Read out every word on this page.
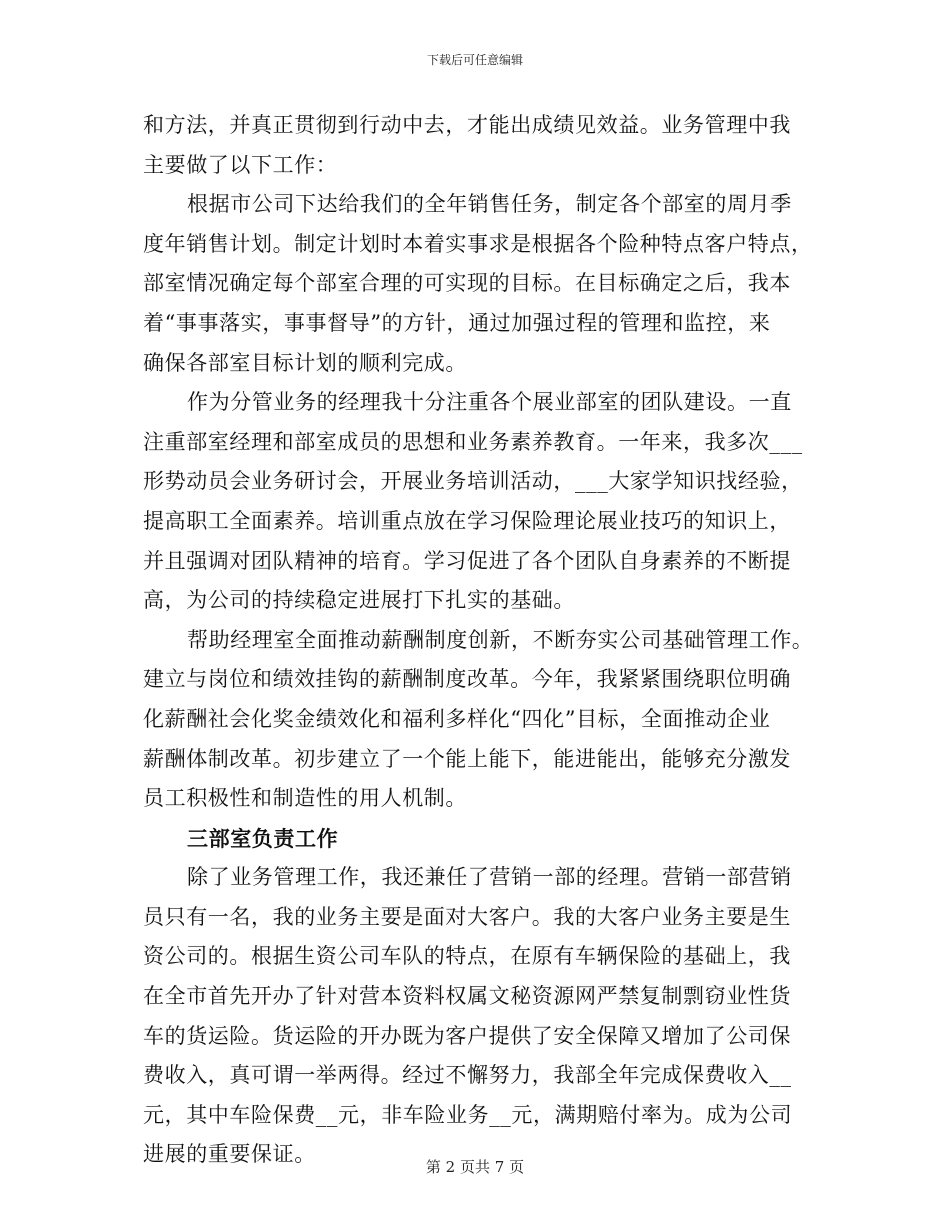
下载后可任意编辑
和方法，并真正贯彻到行动中去，才能出成绩见效益。业务管理中我
主要做了以下工作：
根据市公司下达给我们的全年销售任务，制定各个部室的周月季
度年销售计划。制定计划时本着实事求是根据各个险种特点客户特点，
部室情况确定每个部室合理的可实现的目标。在目标确定之后，我本
着“事事落实，事事督导”的方针，通过加强过程的管理和监控，来
确保各部室目标计划的顺利完成。
作为分管业务的经理我十分注重各个展业部室的团队建设。一直
注重部室经理和部室成员的思想和业务素养教育。一年来，我多次___
形势动员会业务研讨会，开展业务培训活动，___大家学知识找经验，
提高职工全面素养。培训重点放在学习保险理论展业技巧的知识上，
并且强调对团队精神的培育。学习促进了各个团队自身素养的不断提
高，为公司的持续稳定进展打下扎实的基础。
帮助经理室全面推动薪酬制度创新，不断夯实公司基础管理工作。
建立与岗位和绩效挂钩的薪酬制度改革。今年，我紧紧围绕职位明确
化薪酬社会化奖金绩效化和福利多样化“四化”目标，全面推动企业
薪酬体制改革。初步建立了一个能上能下，能进能出，能够充分激发
员工积极性和制造性的用人机制。
三部室负责工作
除了业务管理工作，我还兼任了营销一部的经理。营销一部营销
员只有一名，我的业务主要是面对大客户。我的大客户业务主要是生
资公司的。根据生资公司车队的特点，在原有车辆保险的基础上，我
在全市首先开办了针对营本资料权属文秘资源网严禁复制剽窃业性货
车的货运险。货运险的开办既为客户提供了安全保障又增加了公司保
费收入，真可谓一举两得。经过不懈努力，我部全年完成保费收入__
元，其中车险保费__元，非车险业务__元，满期赔付率为。成为公司
进展的重要保证。
第 2 页共 7 页
